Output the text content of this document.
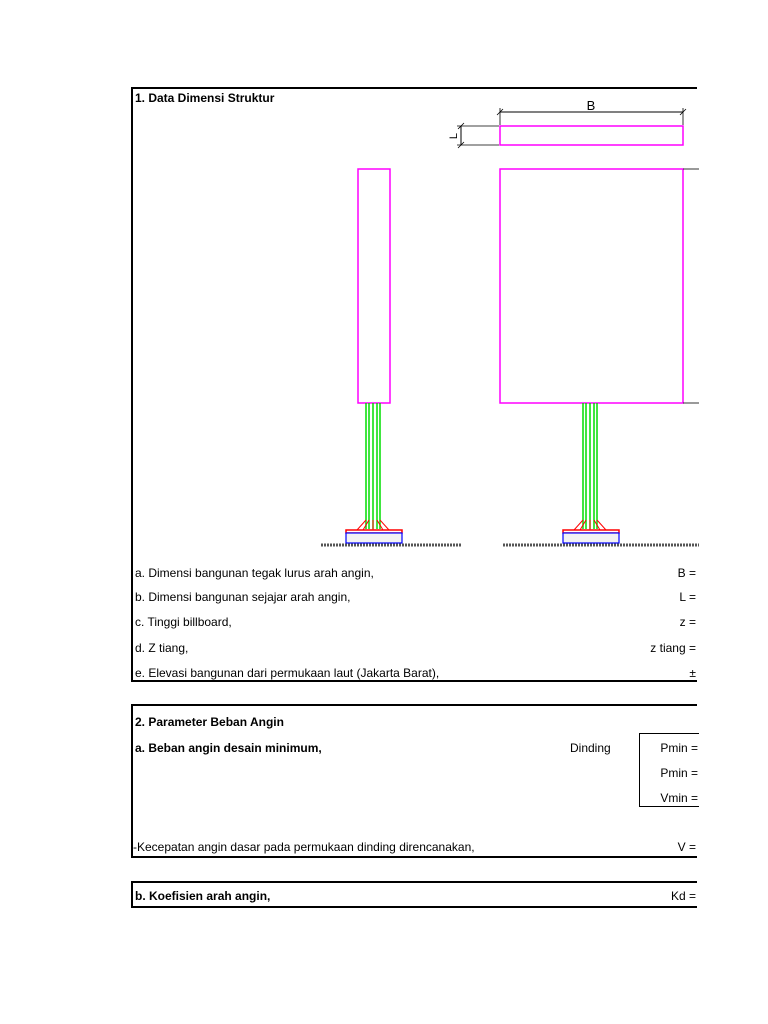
1. Data Dimensi Struktur	B
L
a. Dimensi bangunan tegak lurus arah angin,	B =
b. Dimensi bangunan sejajar arah angin,	L =
c. Tinggi billboard,	z =
d. Z tiang,	z tiang =
e. Elevasi bangunan dari permukaan laut (Jakarta Barat),	±
2. Parameter Beban Angin
a. Beban angin desain minimum,	Dinding	Pmin =
Pmin =
Vmin =
-Kecepatan angin dasar pada permukaan dinding direncanakan,	V =
b. Koefisien arah angin,	Kd =
